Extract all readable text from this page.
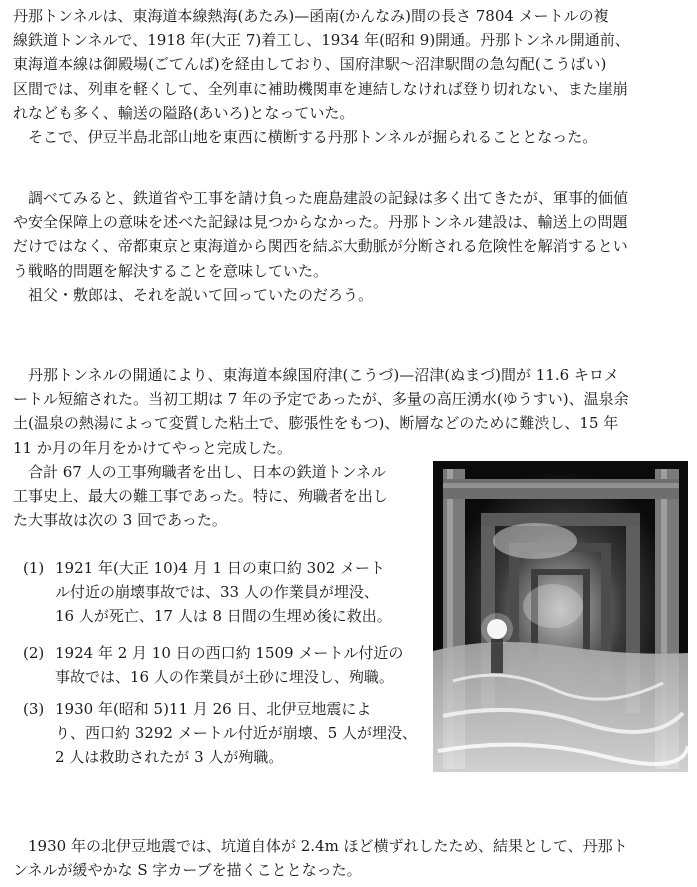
丹那トンネルは、東海道本線熱海(あたみ)—函南(かんなみ)間の長さ 7804 メートルの複

線鉄道トンネルで、1918 年(大正 7)着工し、1934 年(昭和 9)開通。丹那トンネル開通前、

東海道本線は御殿場(ごてんば)を経由しており、国府津駅〜沼津駅間の急勾配(こうばい)

区間では、列車を軽くして、全列車に補助機関車を連結しなければ登り切れない、また崖崩

れなども多く、輸送の隘路(あいろ)となっていた。

　そこで、伊豆半島北部山地を東西に横断する丹那トンネルが掘られることとなった。

　調べてみると、鉄道省や工事を請け負った鹿島建設の記録は多く出てきたが、軍事的価値

や安全保障上の意味を述べた記録は見つからなかった。丹那トンネル建設は、輸送上の問題

だけではなく、帝都東京と東海道から関西を結ぶ大動脈が分断される危険性を解消するとい

う戦略的問題を解決することを意味していた。

　祖父・敷郎は、それを説いて回っていたのだろう。

　丹那トンネルの開通により、東海道本線国府津(こうづ)—沼津(ぬまづ)間が 11.6 キロメ

ートル短縮された。当初工期は 7 年の予定であったが、多量の高圧湧水(ゆうすい)、温泉余

土(温泉の熱湯によって変質した粘土で、膨張性をもつ)、断層などのために難渋し、15 年

11 か月の年月をかけてやっと完成した。

　合計 67 人の工事殉職者を出し、日本の鉄道トンネル

工事史上、最大の難工事であった。特に、殉職者を出し

た大事故は次の 3 回であった。

(1) 1921 年(大正 10)4 月 1 日の東口約 302 メート

ル付近の崩壊事故では、33 人の作業員が埋没、

16 人が死亡、17 人は 8 日間の生埋め後に救出。

(2) 1924 年 2 月 10 日の西口約 1509 メートル付近の

事故では、16 人の作業員が土砂に埋没し、殉職。

(3) 1930 年(昭和 5)11 月 26 日、北伊豆地震によ

り、西口約 3292 メートル付近が崩壊、5 人が埋没、

2 人は救助されたが 3 人が殉職。

　1930 年の北伊豆地震では、坑道自体が 2.4m ほど横ずれしたため、結果として、丹那ト

ンネルが緩やかな S 字カーブを描くこととなった。
